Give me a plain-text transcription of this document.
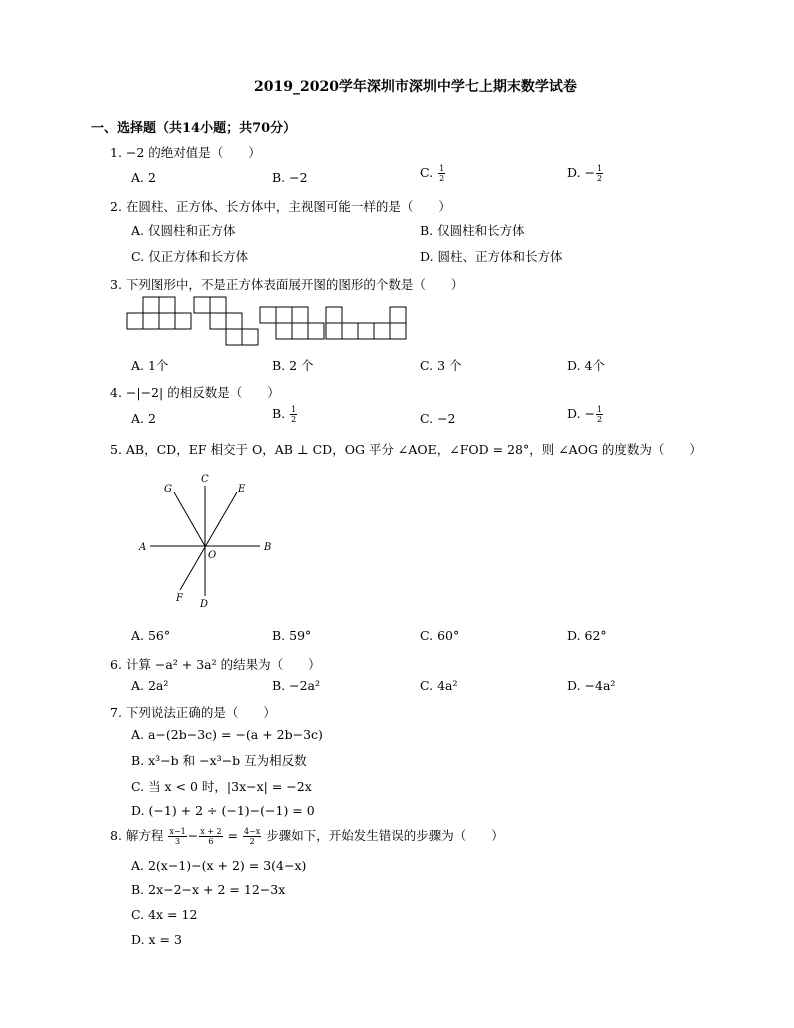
2019_2020学年深圳市深圳中学七上期末数学试卷
一、选择题（共14小题；共70分）
1. −2 的绝对值是（　　）
A. 2	B. −2	C. $\frac{1}{2}$	D. − $\frac{1}{2}$
2. 在圆柱、正方体、长方体中，主视图可能一样的是（　　）
A. 仅圆柱和正方体	B. 仅圆柱和长方体
C. 仅正方体和长方体	D. 圆柱、正方体和长方体
3. 下列图形中，不是正方体表面展开图的图形的个数是（　　）
A. 1个	B. 2 个	C. 3 个	D. 4个
4. −|−2| 的相反数是（　　）
A. 2	B. $\frac{1}{2}$	C. −2	D. − $\frac{1}{2}$
5. AB，CD，EF 相交于 O，AB ⊥ CD，OG 平分 ∠AOE，∠FOD = 28°，则 ∠AOG 的度数为（　　）
A	B
C
D
E
F
G
O
A. 56°	B. 59°	C. 60°	D. 62°
6. 计算 −a² + 3a² 的结果为（　　）
A. 2a²	B. −2a²	C. 4a²	D. −4a²
7. 下列说法正确的是（　　）
A. a−(2b−3c) = −(a + 2b−3c)
B. x³−b 和 −x³−b 互为相反数
C. 当 x < 0 时，|3x−x| = −2x
D. (−1) + 2 ÷ (−1)−(−1) = 0
8. 解方程 $\frac{x-1}{3} - \frac{x + 2}{6} = \frac{4-x}{2}$ 步骤如下，开始发生错误的步骤为（　　）
A. 2(x−1)−(x + 2) = 3(4−x)
B. 2x−2−x + 2 = 12−3x
C. 4x = 12
D. x = 3
